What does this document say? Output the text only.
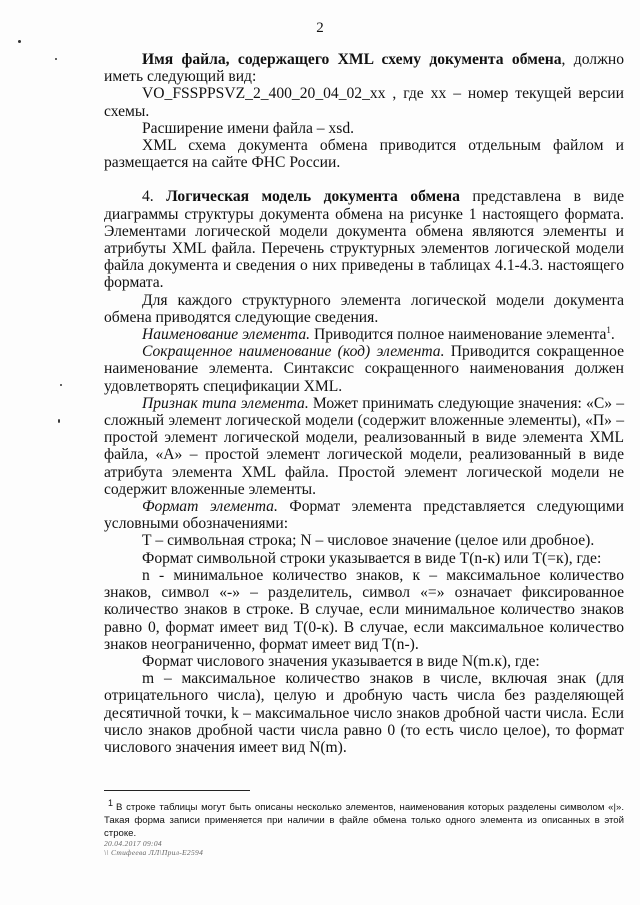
2

Имя файла, содержащего XML схему документа обмена, должно иметь следующий вид:

VO_FSSPPSVZ_2_400_20_04_02_xx , где xx – номер текущей версии схемы.

Расширение имени файла – xsd.

XML схема документа обмена приводится отдельным файлом и размещается на сайте ФНС России.

4. Логическая модель документа обмена представлена в виде диаграммы структуры документа обмена на рисунке 1 настоящего формата. Элементами логической модели документа обмена являются элементы и атрибуты XML файла. Перечень структурных элементов логической модели файла документа и сведения о них приведены в таблицах 4.1-4.3. настоящего формата.

Для каждого структурного элемента логической модели документа обмена приводятся следующие сведения.

Наименование элемента. Приводится полное наименование элемента$^1$.

Сокращенное наименование (код) элемента. Приводится сокращенное наименование элемента. Синтаксис сокращенного наименования должен удовлетворять спецификации XML.

Признак типа элемента. Может принимать следующие значения: «С» – сложный элемент логической модели (содержит вложенные элементы), «П» – простой элемент логической модели, реализованный в виде элемента XML файла, «А» – простой элемент логической модели, реализованный в виде атрибута элемента XML файла. Простой элемент логической модели не содержит вложенные элементы.

Формат элемента. Формат элемента представляется следующими условными обозначениями:

Т – символьная строка; N – числовое значение (целое или дробное).

Формат символьной строки указывается в виде Т(n-к) или Т(=к), где:

n - минимальное количество знаков, к – максимальное количество знаков, символ «-» – разделитель, символ «=» означает фиксированное количество знаков в строке. В случае, если минимальное количество знаков равно 0, формат имеет вид Т(0-к). В случае, если максимальное количество знаков неограниченно, формат имеет вид Т(n-).

Формат числового значения указывается в виде N(m.к), где:

m – максимальное количество знаков в числе, включая знак (для отрицательного числа), целую и дробную часть числа без разделяющей десятичной точки, k – максимальное число знаков дробной части числа. Если число знаков дробной части числа равно 0 (то есть число целое), то формат числового значения имеет вид N(m).

1 В строке таблицы могут быть описаны несколько элементов, наименования которых разделены символом «|». Такая форма записи применяется при наличии в файле обмена только одного элемента из описанных в этой строке.
20.04.2017 09:04
\\ Стифеева ЛЛ\Прил-Е2594
